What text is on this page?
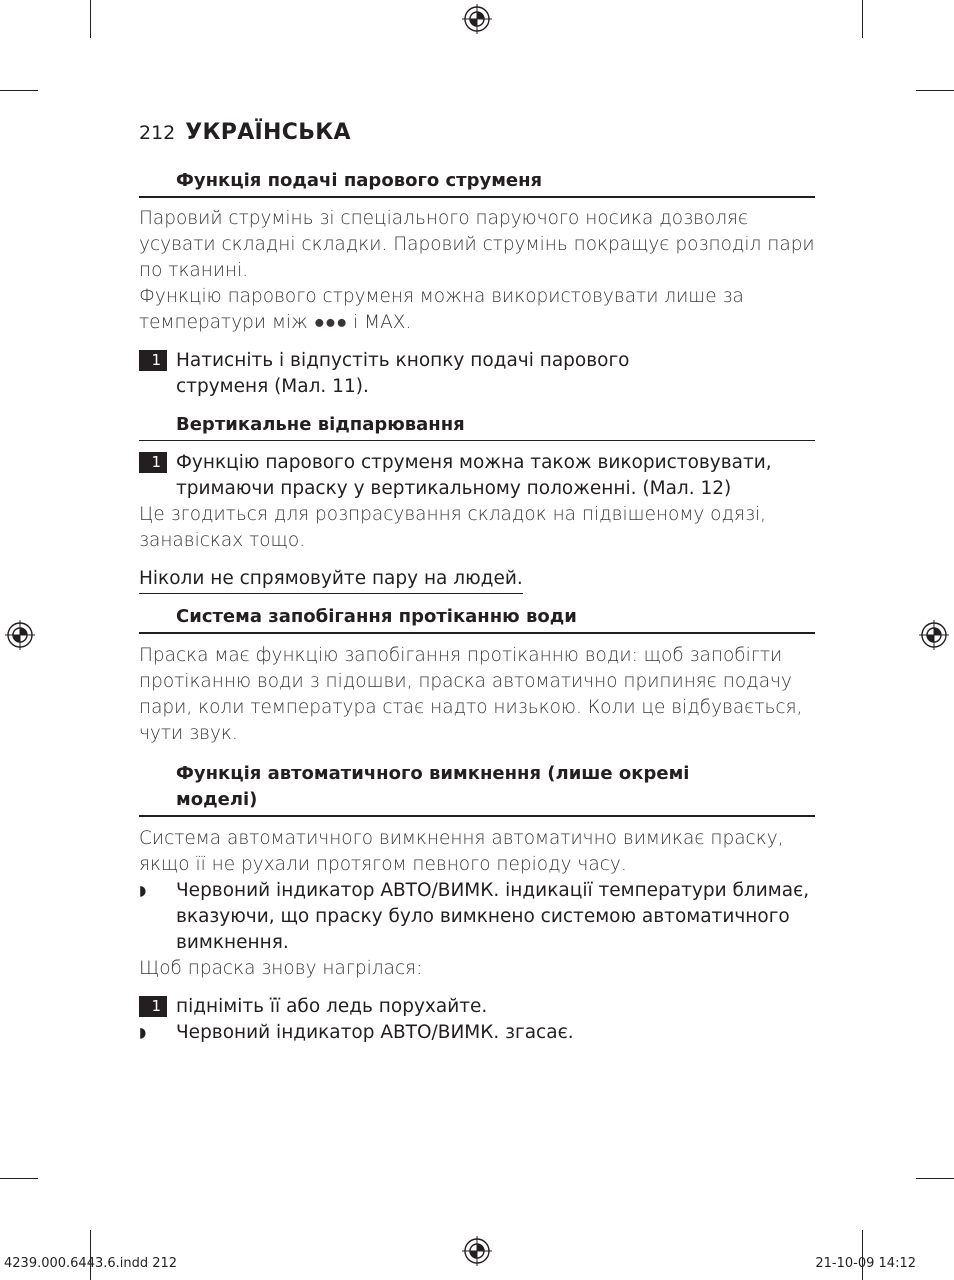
212 УКРАЇНСЬКА
Функція подачі парового струменя
Паровий струмінь зі спеціального паруючого носика дозволяє усувати складні складки. Паровий струмінь покращує розподіл пари по тканині.
Функцію парового струменя можна використовувати лише за температури між ●●● і MAX.
1 Натисніть і відпустіть кнопку подачі парового струменя (Мал. 11).
Вертикальне відпарювання
1 Функцію парового струменя можна також використовувати, тримаючи праску у вертикальному положенні. (Мал. 12)
Це згодиться для розпрасування складок на підвішеному одязі, занавісках тощо.
Ніколи не спрямовуйте пару на людей.
Система запобігання протіканню води
Праска має функцію запобігання протіканню води: щоб запобігти протіканню води з підошви, праска автоматично припиняє подачу пари, коли температура стає надто низькою. Коли це відбувається, чути звук.
Функція автоматичного вимкнення (лише окремі моделі)
Система автоматичного вимкнення автоматично вимикає праску, якщо її не рухали протягом певного періоду часу.
◗	Червоний індикатор АВТО/ВИМК. індикації температури блимає, вказуючи, що праску було вимкнено системою автоматичного вимкнення.
Щоб праска знову нагрілася:
1 підніміть її або ледь порухайте.
◗	Червоний індикатор АВТО/ВИМК. згасає.
4239.000.6443.6.indd 212	21-10-09 14:12
